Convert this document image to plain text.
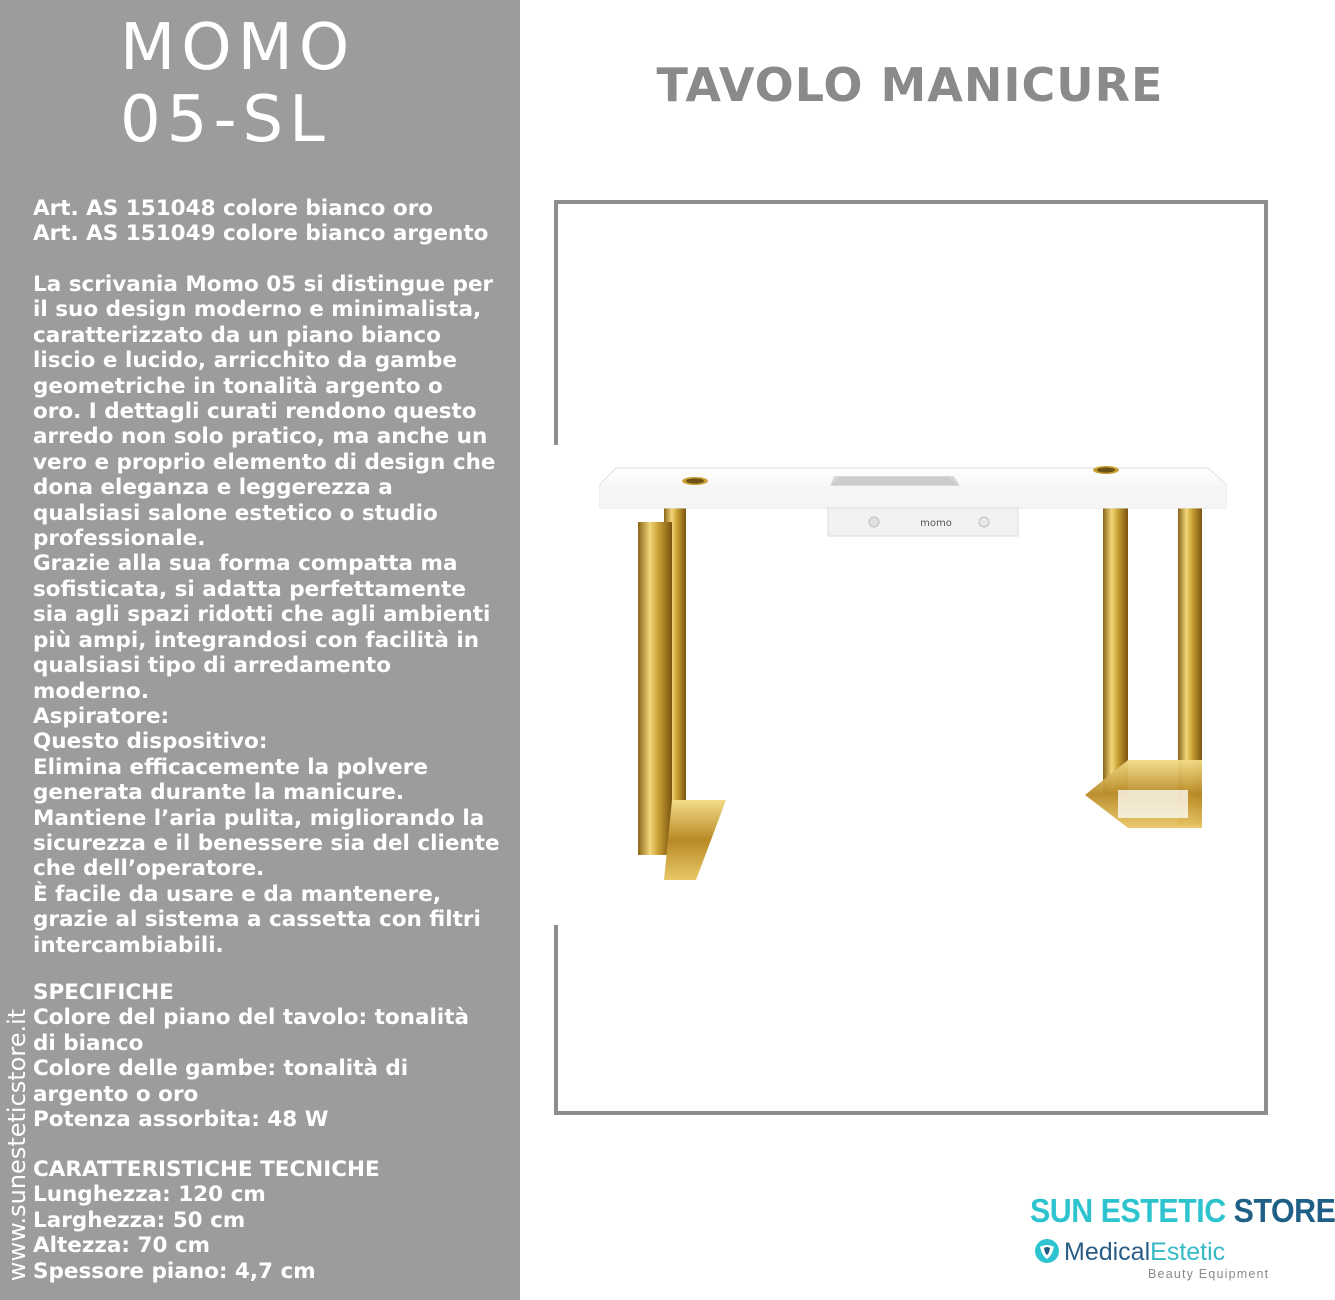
MOMO
05-SL
Art. AS 151048 colore bianco oro
Art. AS 151049 colore bianco argento
La scrivania Momo 05 si distingue per
il suo design moderno e minimalista,
caratterizzato da un piano bianco
liscio e lucido, arricchito da gambe
geometriche in tonalità argento o
oro. I dettagli curati rendono questo
arredo non solo pratico, ma anche un
vero e proprio elemento di design che
dona eleganza e leggerezza a
qualsiasi salone estetico o studio
professionale.
Grazie alla sua forma compatta ma
sofisticata, si adatta perfettamente
sia agli spazi ridotti che agli ambienti
più ampi, integrandosi con facilità in
qualsiasi tipo di arredamento
moderno.
Aspiratore:
Questo dispositivo:
Elimina efficacemente la polvere
generata durante la manicure.
Mantiene l’aria pulita, migliorando la
sicurezza e il benessere sia del cliente
che dell’operatore.
È facile da usare e da mantenere,
grazie al sistema a cassetta con filtri
intercambiabili.
SPECIFICHE
Colore del piano del tavolo: tonalità
di bianco
Colore delle gambe: tonalità di
argento o oro
Potenza assorbita: 48 W
CARATTERISTICHE TECNICHE
Lunghezza: 120 cm
Larghezza: 50 cm
Altezza: 70 cm
Spessore piano: 4,7 cm
www.sunesteticstore.it
TAVOLO MANICURE
momo
SUN ESTETIC STORE
MedicalEstetic
Beauty Equipment
